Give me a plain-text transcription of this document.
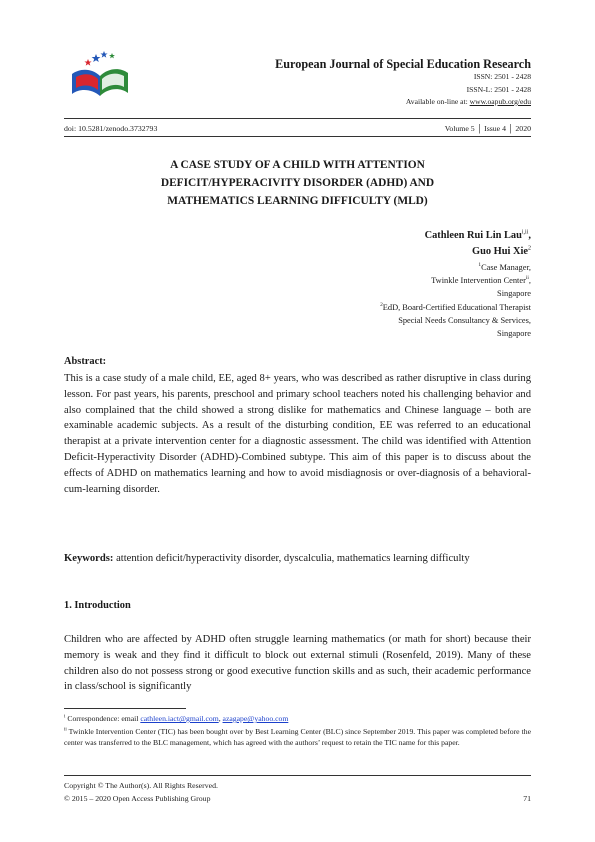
European Journal of Special Education Research
ISSN: 2501 - 2428
ISSN-L: 2501 - 2428
Available on-line at: www.oapub.org/edu
doi: 10.5281/zenodo.3732793	Volume 5 │ Issue 4 │ 2020
A CASE STUDY OF A CHILD WITH ATTENTION
DEFICIT/HYPERACIVITY DISORDER (ADHD) AND
MATHEMATICS LEARNING DIFFICULTY (MLD)
Cathleen Rui Lin Lau$^{i,ii}$,
Guo Hui Xie$^2$
$^1$Case Manager,
Twinkle Intervention Center$^{ii}$,
Singapore
$^2$EdD, Board-Certified Educational Therapist
Special Needs Consultancy & Services,
Singapore
Abstract:
This is a case study of a male child, EE, aged 8+ years, who was described as rather disruptive in class during lesson. For past years, his parents, preschool and primary school teachers noted his challenging behavior and also complained that the child showed a strong dislike for mathematics and Chinese language – both are examinable academic subjects. As a result of the disturbing condition, EE was referred to an educational therapist at a private intervention center for a diagnostic assessment. The child was identified with Attention Deficit-Hyperactivity Disorder (ADHD)-Combined subtype. This aim of this paper is to discuss about the effects of ADHD on mathematics learning and how to avoid misdiagnosis or over-diagnosis of a behavioral-cum-learning disorder.
Keywords: attention deficit/hyperactivity disorder, dyscalculia, mathematics learning difficulty
1. Introduction
Children who are affected by ADHD often struggle learning mathematics (or math for short) because their memory is weak and they find it difficult to block out external stimuli (Rosenfeld, 2019). Many of these children also do not possess strong or good executive function skills and as such, their academic performance in class/school is significantly
$^i$ Correspondence: email cathleen.iact@gmail.com, azagape@yahoo.com
$^{ii}$ Twinkle Intervention Center (TIC) has been bought over by Best Learning Center (BLC) since September 2019. This paper was completed before the center was transferred to the BLC management, which has agreed with the authors’ request to retain the TIC name for this paper.
Copyright © The Author(s). All Rights Reserved.
© 2015 – 2020 Open Access Publishing Group	71
